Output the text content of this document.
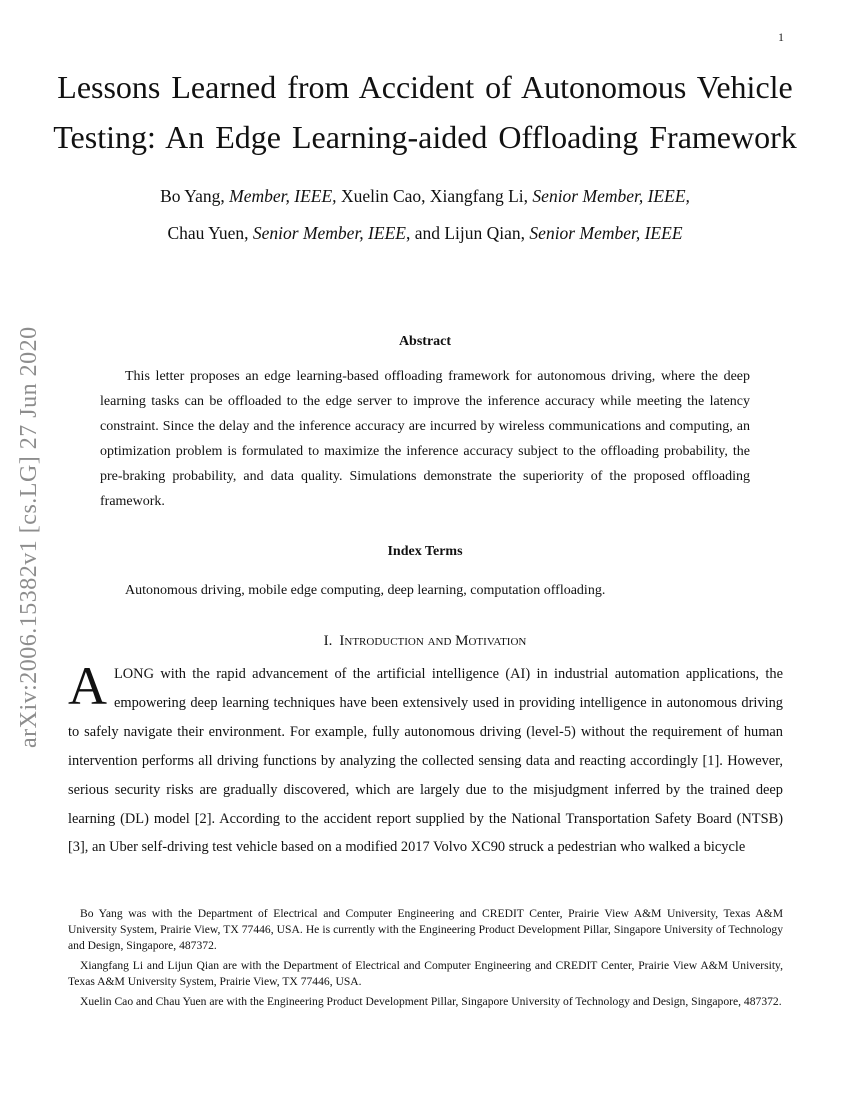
1
arXiv:2006.15382v1 [cs.LG] 27 Jun 2020
Lessons Learned from Accident of Autonomous Vehicle
Testing: An Edge Learning-aided Offloading Framework
Bo Yang, Member, IEEE, Xuelin Cao, Xiangfang Li, Senior Member, IEEE,
Chau Yuen, Senior Member, IEEE, and Lijun Qian, Senior Member, IEEE
Abstract
This letter proposes an edge learning-based offloading framework for autonomous driving, where the deep learning tasks can be offloaded to the edge server to improve the inference accuracy while meeting the latency constraint. Since the delay and the inference accuracy are incurred by wireless communications and computing, an optimization problem is formulated to maximize the inference accuracy subject to the offloading probability, the pre-braking probability, and data quality. Simulations demonstrate the superiority of the proposed offloading framework.
Index Terms
Autonomous driving, mobile edge computing, deep learning, computation offloading.
I. Introduction and Motivation
ALONG with the rapid advancement of the artificial intelligence (AI) in industrial automation applications, the empowering deep learning techniques have been extensively used in providing intelligence in autonomous driving to safely navigate their environment. For example, fully autonomous driving (level-5) without the requirement of human intervention performs all driving functions by analyzing the collected sensing data and reacting accordingly [1]. However, serious security risks are gradually discovered, which are largely due to the misjudgment inferred by the trained deep learning (DL) model [2]. According to the accident report supplied by the National Transportation Safety Board (NTSB) [3], an Uber self-driving test vehicle based on a modified 2017 Volvo XC90 struck a pedestrian who walked a bicycle

Bo Yang was with the Department of Electrical and Computer Engineering and CREDIT Center, Prairie View A&M University, Texas A&M University System, Prairie View, TX 77446, USA. He is currently with the Engineering Product Development Pillar, Singapore University of Technology and Design, Singapore, 487372.

Xiangfang Li and Lijun Qian are with the Department of Electrical and Computer Engineering and CREDIT Center, Prairie View A&M University, Texas A&M University System, Prairie View, TX 77446, USA.

Xuelin Cao and Chau Yuen are with the Engineering Product Development Pillar, Singapore University of Technology and Design, Singapore, 487372.
